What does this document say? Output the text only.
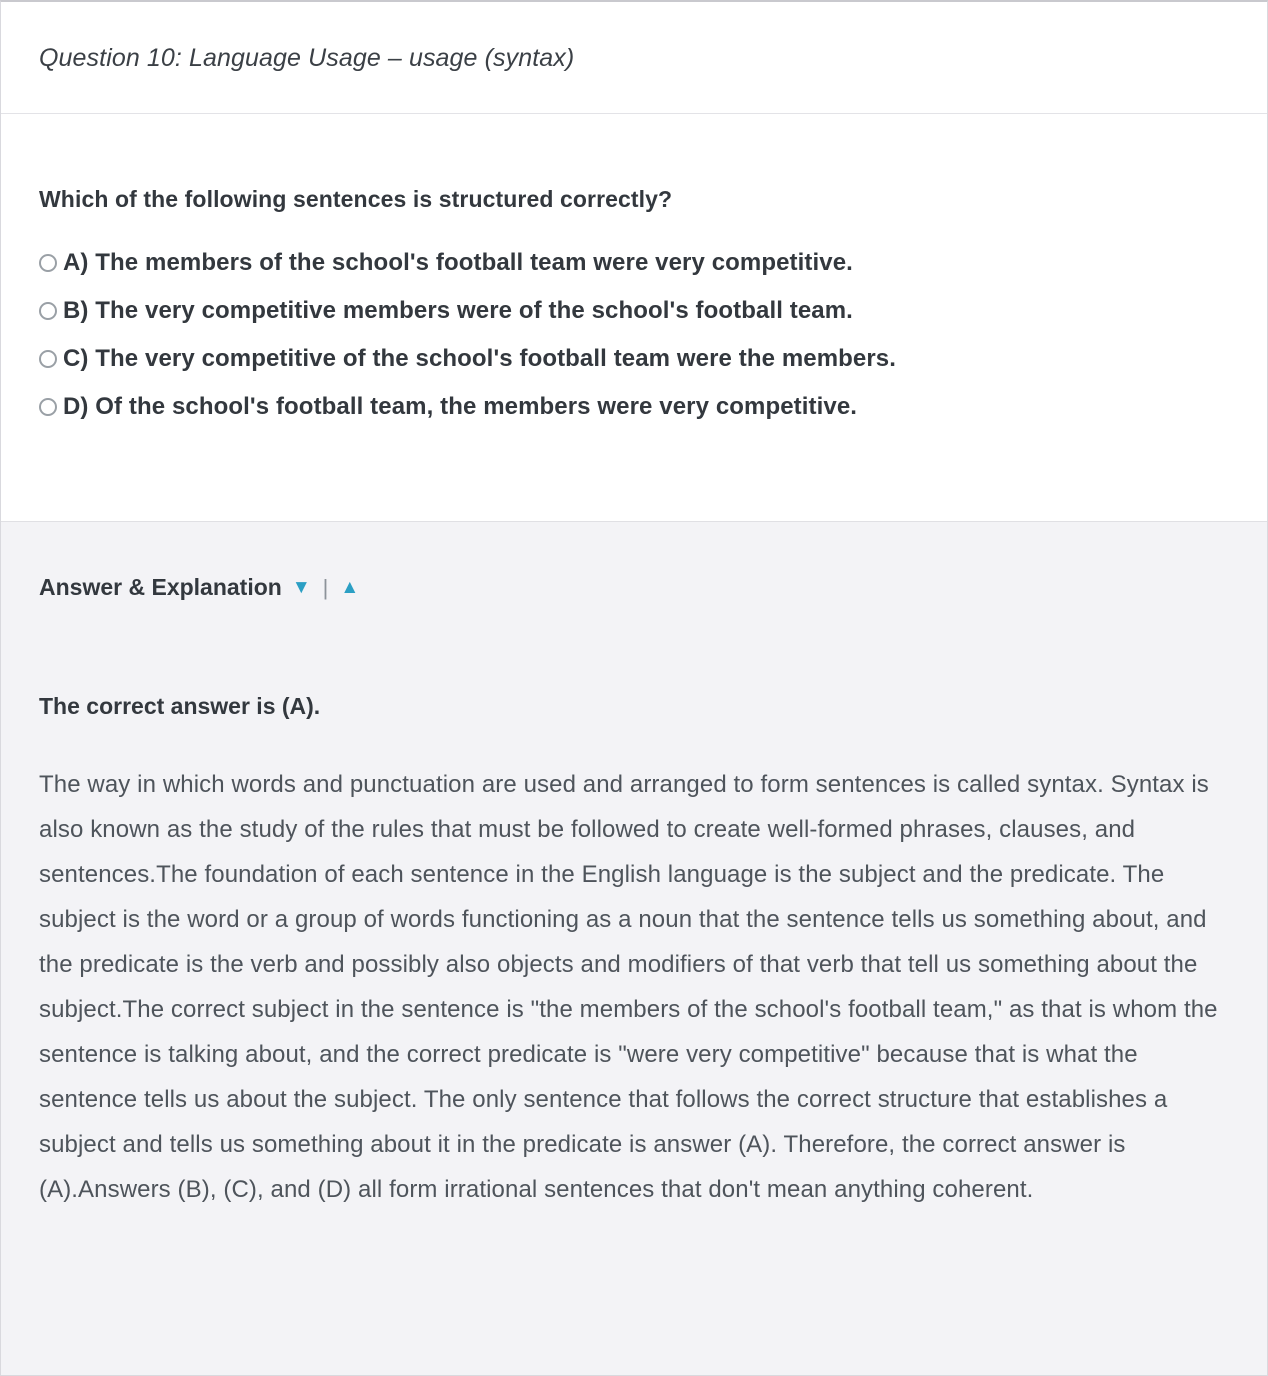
Question 10: Language Usage – usage (syntax)
Which of the following sentences is structured correctly?
A) The members of the school's football team were very competitive.
B) The very competitive members were of the school's football team.
C) The very competitive of the school's football team were the members.
D) Of the school's football team, the members were very competitive.
Answer & Explanation ▼ | ▲
The correct answer is (A).
The way in which words and punctuation are used and arranged to form sentences is called syntax. Syntax is also known as the study of the rules that must be followed to create well-formed phrases, clauses, and sentences.The foundation of each sentence in the English language is the subject and the predicate. The subject is the word or a group of words functioning as a noun that the sentence tells us something about, and the predicate is the verb and possibly also objects and modifiers of that verb that tell us something about the subject.The correct subject in the sentence is "the members of the school's football team," as that is whom the sentence is talking about, and the correct predicate is "were very competitive" because that is what the sentence tells us about the subject. The only sentence that follows the correct structure that establishes a subject and tells us something about it in the predicate is answer (A). Therefore, the correct answer is (A).Answers (B), (C), and (D) all form irrational sentences that don't mean anything coherent.
